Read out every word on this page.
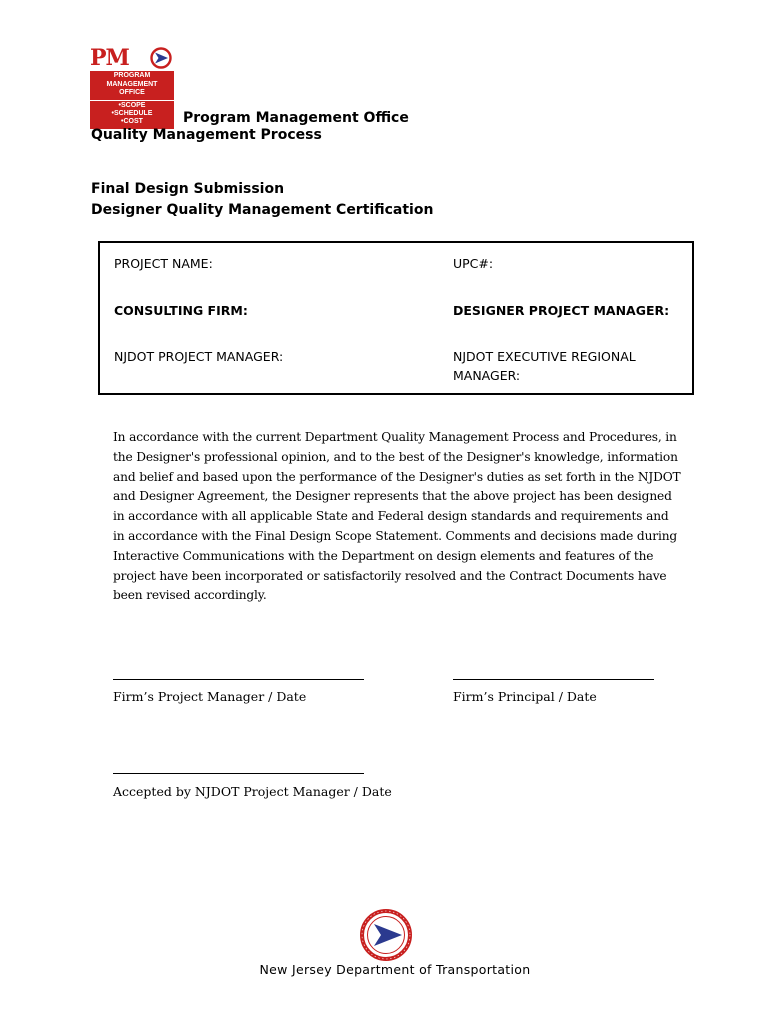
PM
PROGRAM
MANAGEMENT
OFFICE
•SCOPE
•SCHEDULE
•COST	Program Management Office
Quality Management Process
Final Design Submission
Designer Quality Management Certification
PROJECT NAME:	UPC#:
CONSULTING FIRM:	DESIGNER PROJECT MANAGER:
NJDOT PROJECT MANAGER:	NJDOT EXECUTIVE REGIONAL
MANAGER:
In accordance with the current Department Quality Management Process and Procedures, in the Designer's professional opinion, and to the best of the Designer's knowledge, information and belief and based upon the performance of the Designer's duties as set forth in the NJDOT and Designer Agreement, the Designer represents that the above project has been designed in accordance with all applicable State and Federal design standards and requirements and in accordance with the Final Design Scope Statement. Comments and decisions made during Interactive Communications with the Department on design elements and features of the project have been incorporated or satisfactorily resolved and the Contract Documents have been revised accordingly.
Firm’s Project Manager / Date	Firm’s Principal / Date
Accepted by NJDOT Project Manager / Date
New Jersey Department of Transportation
